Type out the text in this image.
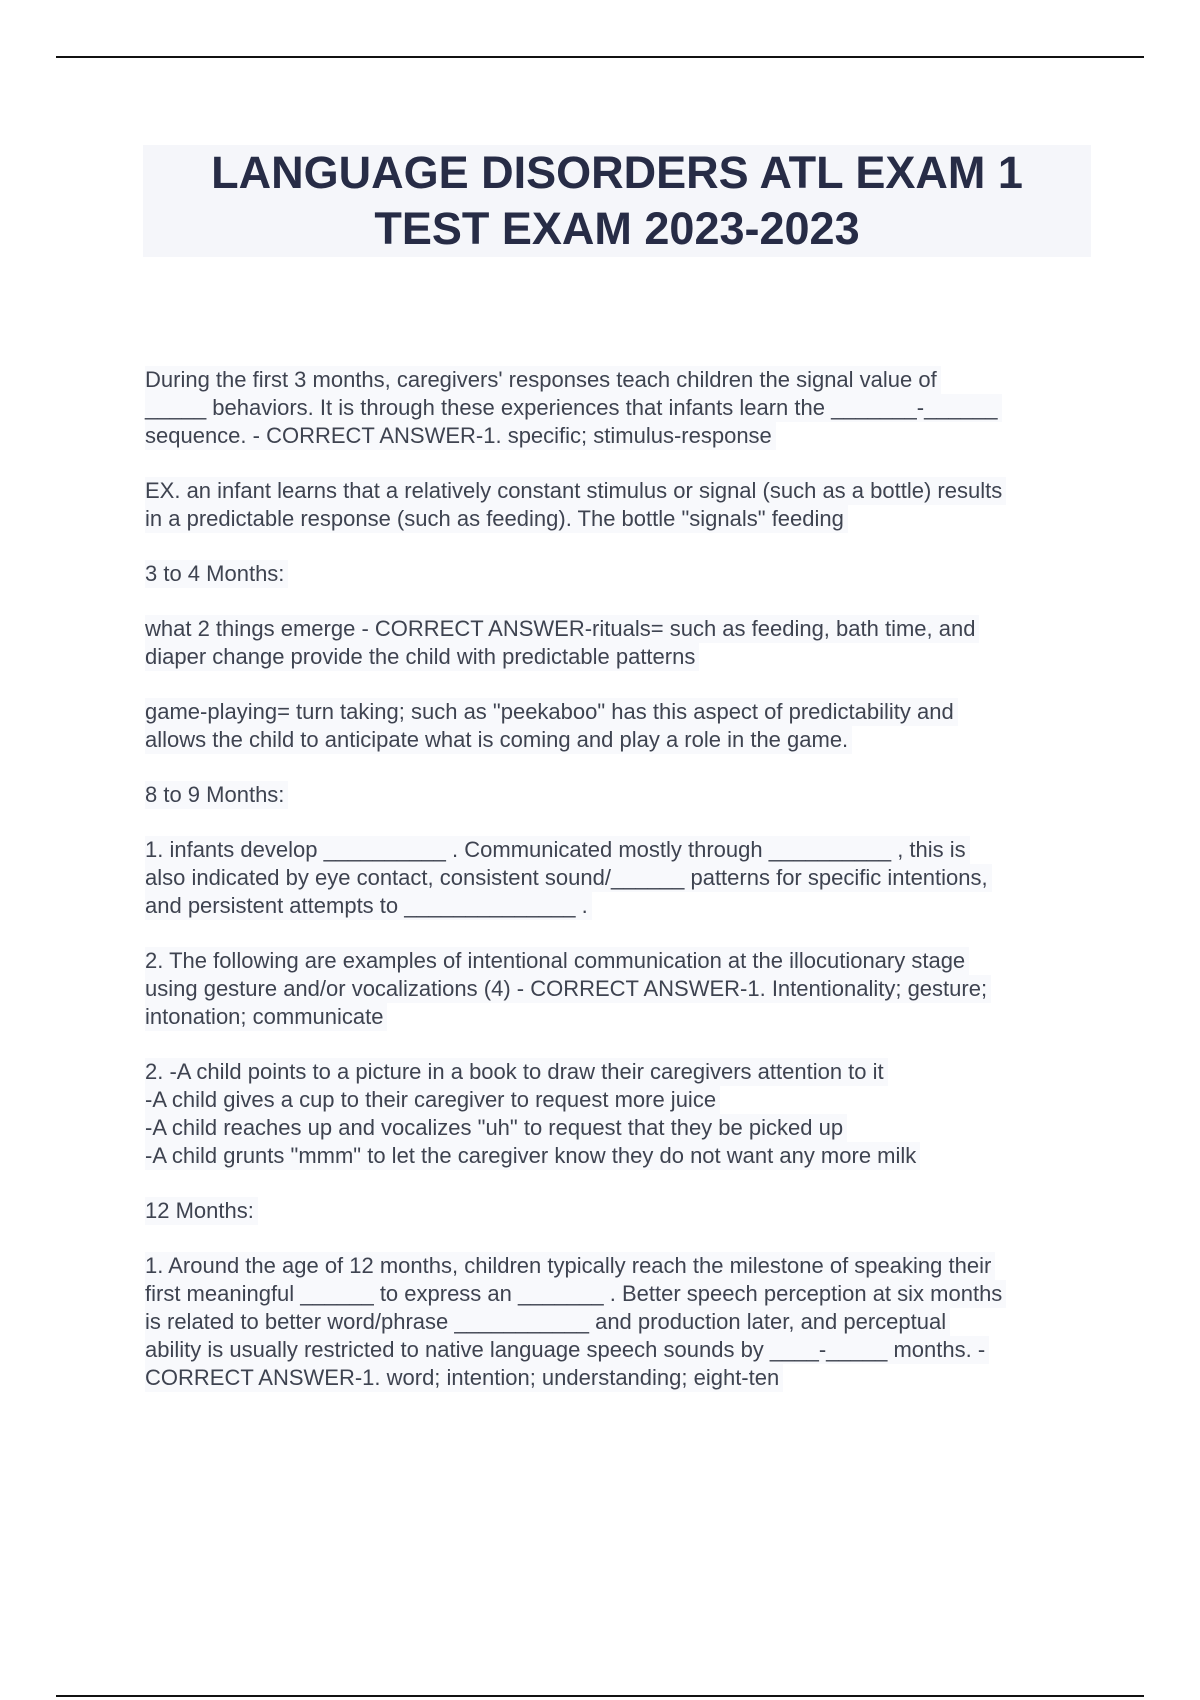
LANGUAGE DISORDERS ATL EXAM 1
TEST EXAM 2023-2023
During the first 3 months, caregivers' responses teach children the signal value of
_____ behaviors. It is through these experiences that infants learn the _______-______
sequence. - CORRECT ANSWER-1. specific; stimulus-response
EX. an infant learns that a relatively constant stimulus or signal (such as a bottle) results
in a predictable response (such as feeding). The bottle "signals" feeding
3 to 4 Months:
what 2 things emerge - CORRECT ANSWER-rituals= such as feeding, bath time, and
diaper change provide the child with predictable patterns
game-playing= turn taking; such as "peekaboo" has this aspect of predictability and
allows the child to anticipate what is coming and play a role in the game.
8 to 9 Months:
1. infants develop __________ . Communicated mostly through __________ , this is
also indicated by eye contact, consistent sound/______ patterns for specific intentions,
and persistent attempts to ______________ .
2. The following are examples of intentional communication at the illocutionary stage
using gesture and/or vocalizations (4) - CORRECT ANSWER-1. Intentionality; gesture;
intonation; communicate
2. -A child points to a picture in a book to draw their caregivers attention to it
-A child gives a cup to their caregiver to request more juice
-A child reaches up and vocalizes "uh" to request that they be picked up
-A child grunts "mmm" to let the caregiver know they do not want any more milk
12 Months:
1. Around the age of 12 months, children typically reach the milestone of speaking their
first meaningful ______ to express an _______ . Better speech perception at six months
is related to better word/phrase ___________ and production later, and perceptual
ability is usually restricted to native language speech sounds by ____-_____ months. -
CORRECT ANSWER-1. word; intention; understanding; eight-ten
